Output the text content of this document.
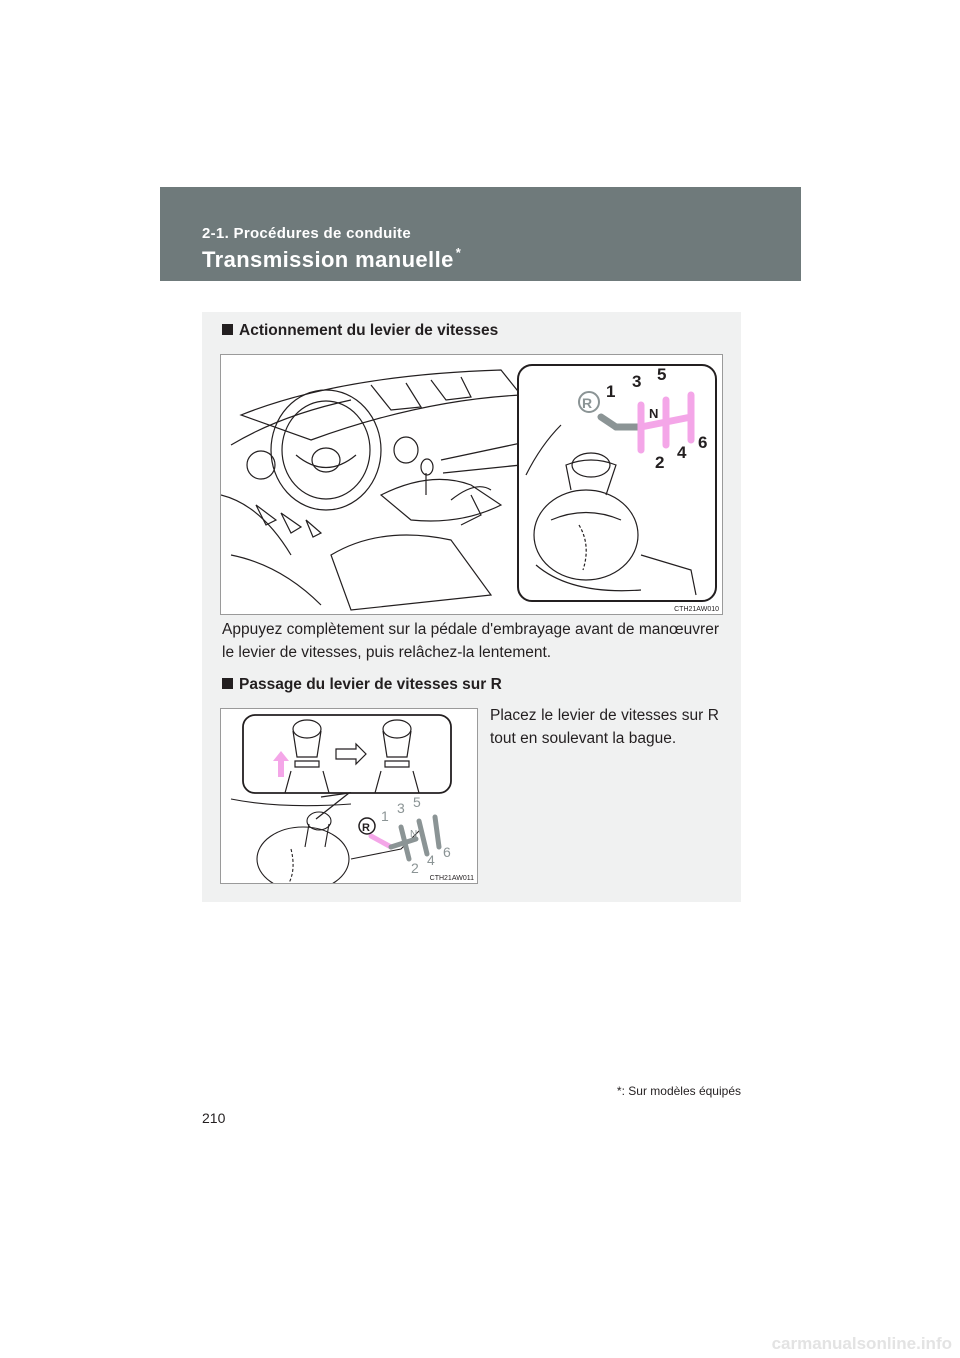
2-1. Procédures de conduite
Transmission manuelle *
Actionnement du levier de vitesses
R
1
3 5
N
2
4
6
CTH21AW010
Appuyez complètement sur la pédale d'embrayage avant de manœuvrer le levier de vitesses, puis relâchez-la lentement.
Passage du levier de vitesses sur R
R
1 3 5
N
2 4 6
CTH21AW011
Placez le levier de vitesses sur R tout en soulevant la bague.
*: Sur modèles équipés
210
carmanualsonline.info
